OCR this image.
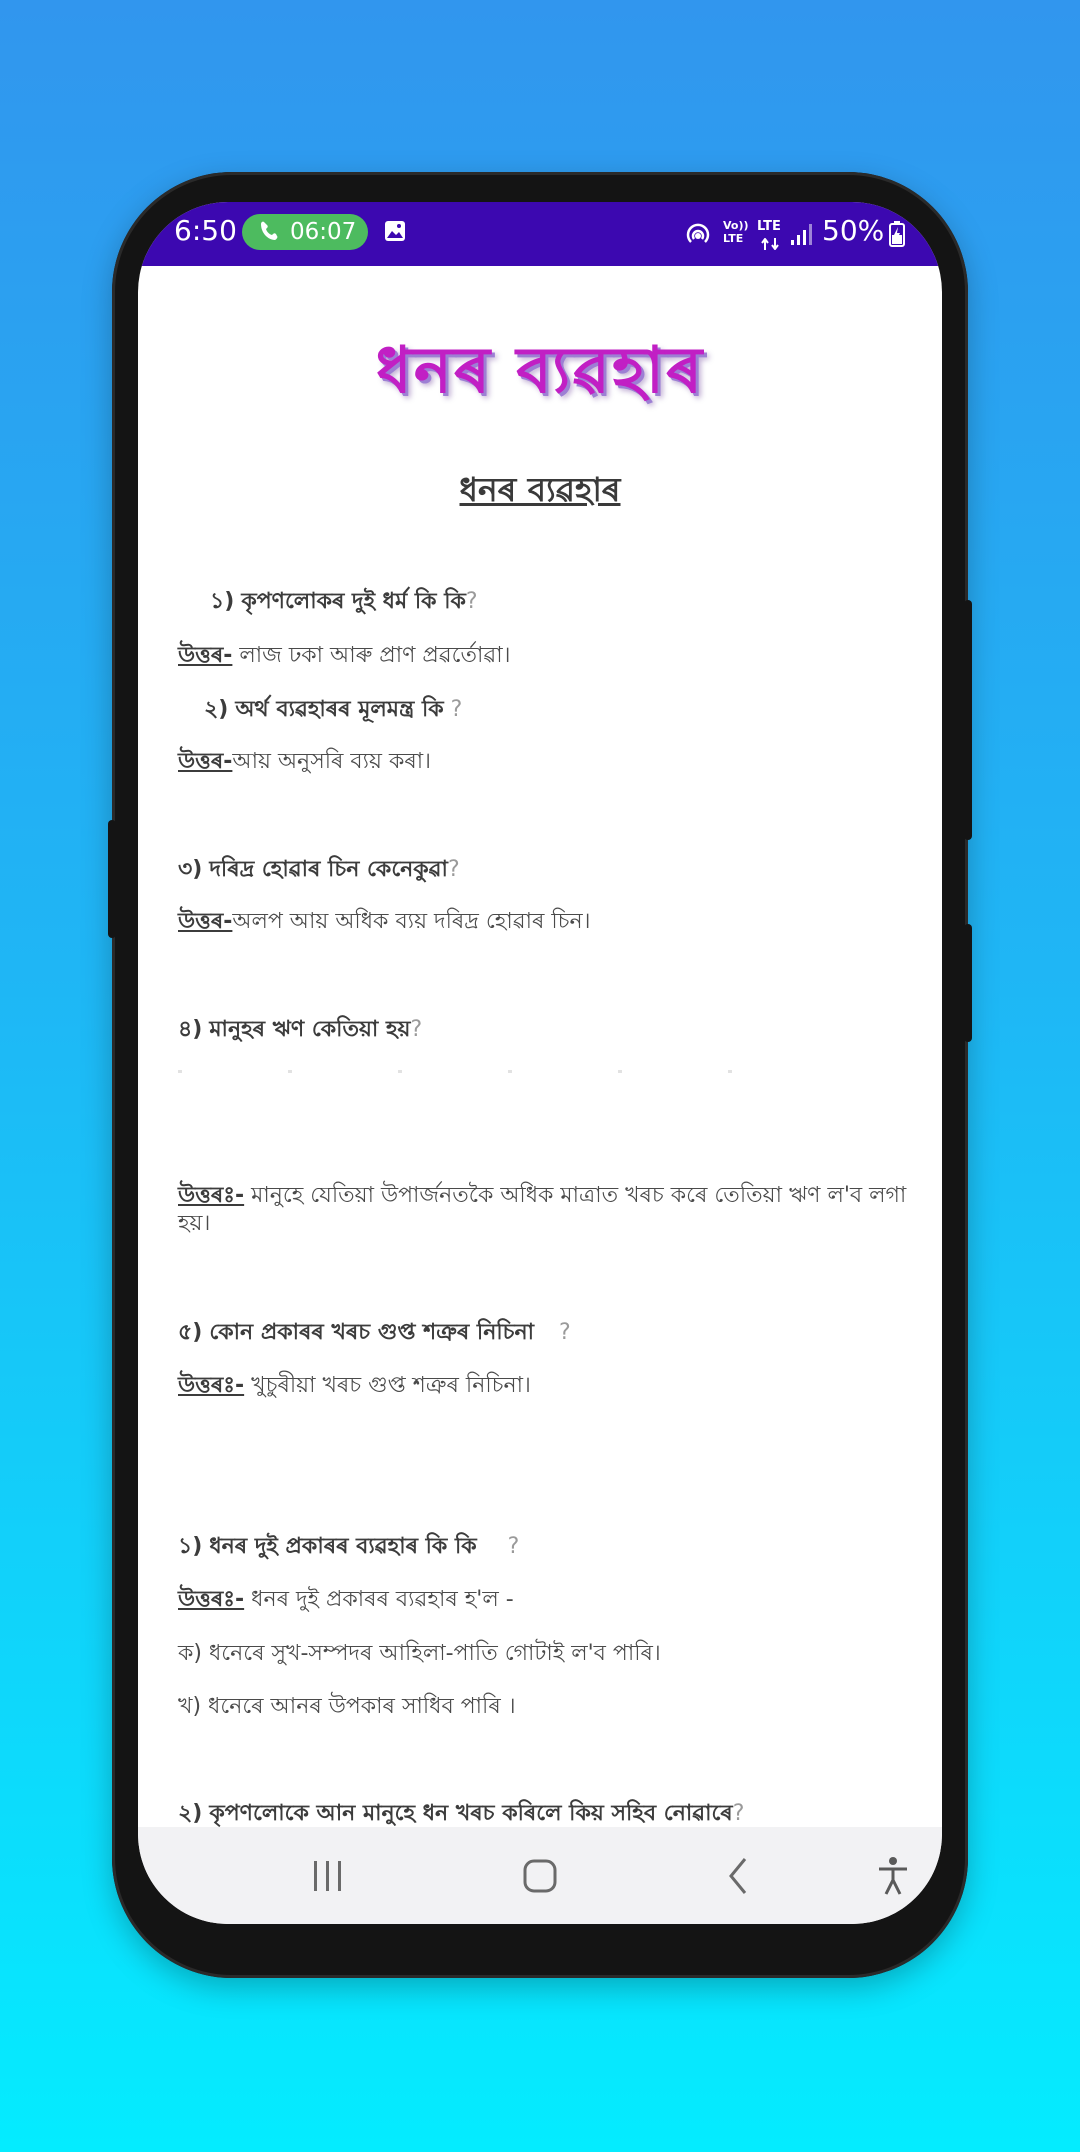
6:50 06:07	Vo)) LTE
LTE 50%
ধনৰ ব্যৱহাৰ
ধনৰ ব্যৱহাৰ
১) কৃপণলোকৰ দুই ধৰ্ম কি কি?
উত্তৰ- লাজ ঢকা আৰু প্ৰাণ প্ৰৱৰ্তোৱা।
২) অৰ্থ ব্যৱহাৰৰ মূলমন্ত্ৰ কি ?
উত্তৰ-আয় অনুসৰি ব্যয় কৰা।
৩) দৰিদ্ৰ হোৱাৰ চিন কেনেকুৱা?
উত্তৰ-অলপ আয় অধিক ব্যয় দৰিদ্ৰ হোৱাৰ চিন।
৪) মানুহৰ ঋণ কেতিয়া হয়?
উত্তৰঃ- মানুহে যেতিয়া উপাৰ্জনতকৈ অধিক মাত্ৰাত খৰচ কৰে তেতিয়া ঋণ ল'ব লগা হয়।
৫) কোন প্ৰকাৰৰ খৰচ গুপ্ত শত্ৰুৰ নিচিনা ?
উত্তৰঃ- খুচুৰীয়া খৰচ গুপ্ত শত্ৰুৰ নিচিনা।
১) ধনৰ দুই প্ৰকাৰৰ ব্যৱহাৰ কি কি ?
উত্তৰঃ- ধনৰ দুই প্ৰকাৰৰ ব্যৱহাৰ হ'ল -
ক) ধনেৰে সুখ-সম্পদৰ আহিলা-পাতি গোটাই ল'ব পাৰি।
খ) ধনেৰে আনৰ উপকাৰ সাধিব পাৰি ।
২) কৃপণলোকে আন মানুহে ধন খৰচ কৰিলে কিয় সহিব নোৱাৰে?
